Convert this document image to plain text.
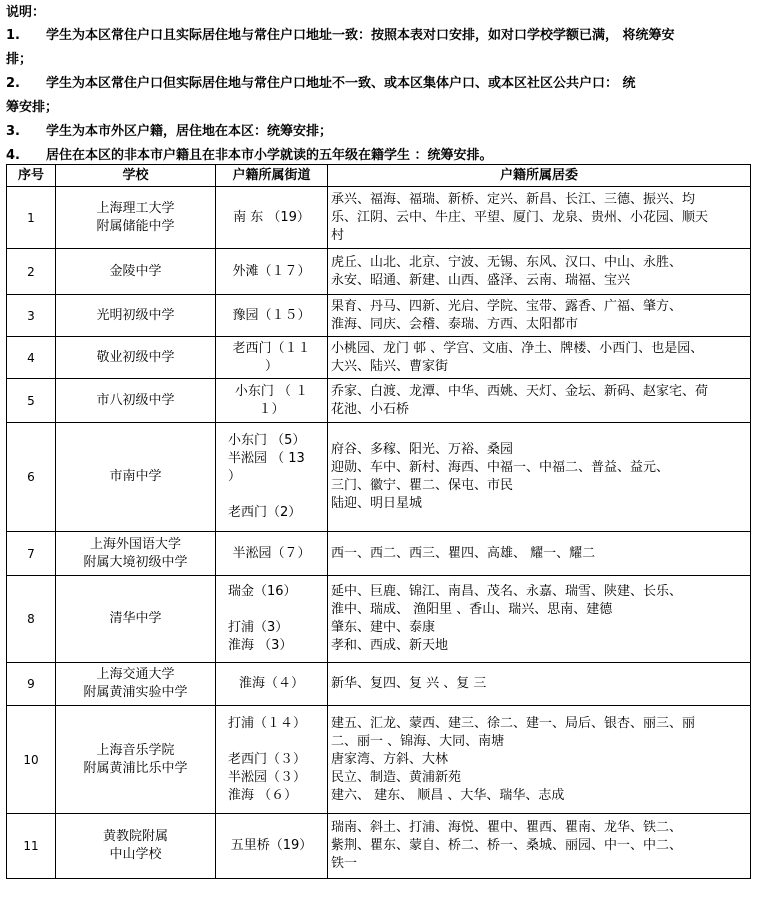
说明：
1. 学生为本区常住户口且实际居住地与常住户口地址一致：按照本表对口安排，如对口学校学额已满， 将统筹安
排；
2. 学生为本区常住户口但实际居住地与常住户口地址不一致、或本区集体户口、或本区社区公共户口： 统
筹安排；
3. 学生为本市外区户籍，居住地在本区：统筹安排；
4. 居住在本区的非本市户籍且在非本市小学就读的五年级在籍学生 ：统筹安排。
序号	学校	户籍所属街道	户籍所属居委
1	上海理工大学
附属储能中学	南 东 （19）	承兴、福海、福瑞、新桥、定兴、新昌、长江、三德、振兴、均
乐、江阴、云中、牛庄、平望、厦门、龙泉、贵州、小花园、顺天
村
2	金陵中学	外滩（１７）	虎丘、山北、北京、宁波、无锡、东风、汉口、中山、永胜、
永安、昭通、新建、山西、盛泽、云南、瑞福、宝兴
3	光明初级中学	豫园（１５）	果育、丹马、四新、光启、学院、宝带、露香、广福、肇方、
淮海、同庆、会稽、泰瑞、方西、太阳都市
4	敬业初级中学	老西门（１１
）	小桃园、龙门 邨 、学宫、文庙、净土、牌楼、小西门、也是园、
大兴、陆兴、曹家街
5	市八初级中学	小东门 （ １
１）	乔家、白渡、龙潭、中华、西姚、天灯、金坛、新码、赵家宅、荷
花池、小石桥
6	市南中学	小东门 （5）
半淞园 （ 13
）

老西门（2）	府谷、多稼、阳光、万裕、桑园
迎勋、车中、新村、海西、中福一、中福二、普益、益元、
三门、徽宁、瞿二、保屯、市民
陆迎、明日星城
7	上海外国语大学
附属大境初级中学	半淞园（７）	西一、西二、西三、瞿四、高雄、 耀一、耀二
8	清华中学	瑞金（16）

打浦（3）
淮海 （3）	延中、巨鹿、锦江、南昌、茂名、永嘉、瑞雪、陕建、长乐、
淮中、瑞成、 渔阳里 、香山、瑞兴、思南、建德
肇东、建中、泰康
孝和、西成、新天地
9	上海交通大学
附属黄浦实验中学	淮海（４）	新华、复四、复 兴 、复 三
10	上海音乐学院
附属黄浦比乐中学	打浦（１４）

老西门（３）
半淞园（３）
淮海 （６）	建五、汇龙、蒙西、建三、徐二、建一、局后、银杏、丽三、丽
二、丽一 、锦海、大同、南塘
唐家湾、方斜、大林
民立、制造、黄浦新苑
建六、 建东、 顺昌 、大华、瑞华、志成
11	黄教院附属
中山学校	五里桥（19）	瑞南、斜土、打浦、海悦、瞿中、瞿西、瞿南、龙华、铁二、
紫荆、瞿东、蒙自、桥二、桥一、桑城、丽园、中一、中二、
铁一
